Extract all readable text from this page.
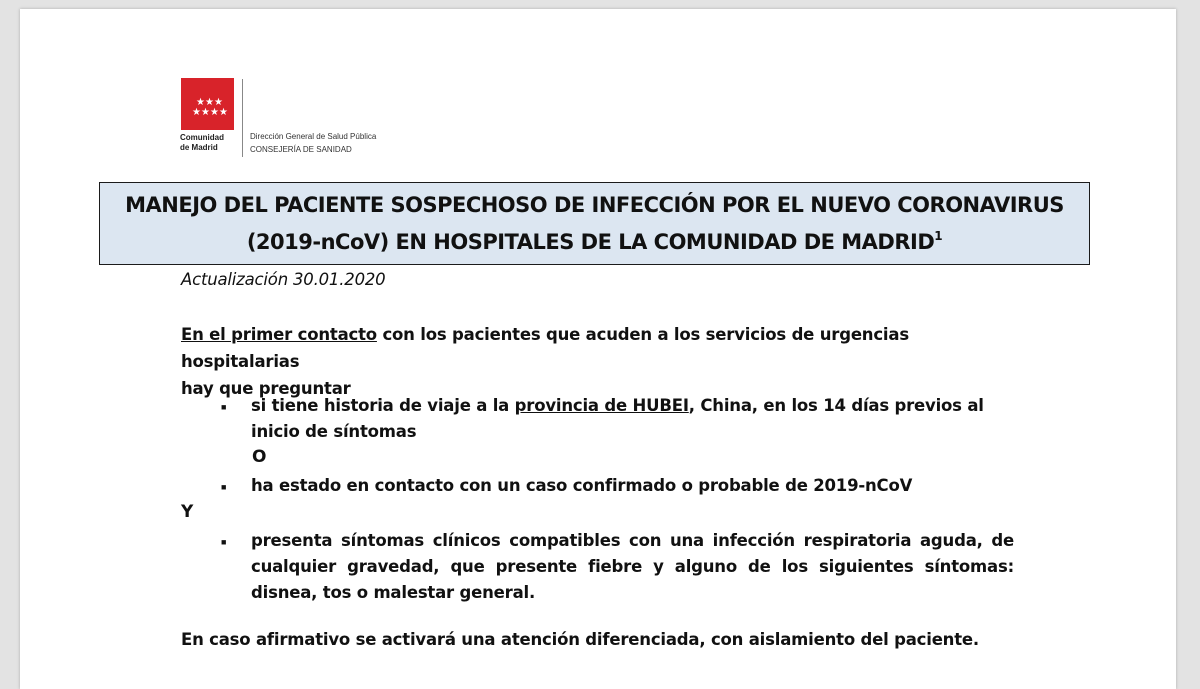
★ ★ ★
★ ★ ★ ★
Comunidad
de Madrid
Dirección General de Salud Pública
CONSEJERÍA DE SANIDAD
MANEJO DEL PACIENTE SOSPECHOSO DE INFECCIÓN POR EL NUEVO CORONAVIRUS
(2019-nCoV) EN HOSPITALES DE LA COMUNIDAD DE MADRID$^1$
Actualización 30.01.2020
En el primer contacto con los pacientes que acuden a los servicios de urgencias hospitalarias
hay que preguntar
■ si tiene historia de viaje a la provincia de HUBEI, China, en los 14 días previos al inicio de síntomas
O
■ ha estado en contacto con un caso confirmado o probable de 2019-nCoV
Y
■ presenta síntomas clínicos compatibles con una infección respiratoria aguda, de cualquier gravedad, que presente fiebre y alguno de los siguientes síntomas: disnea, tos o malestar general.
En caso afirmativo se activará una atención diferenciada, con aislamiento del paciente.
